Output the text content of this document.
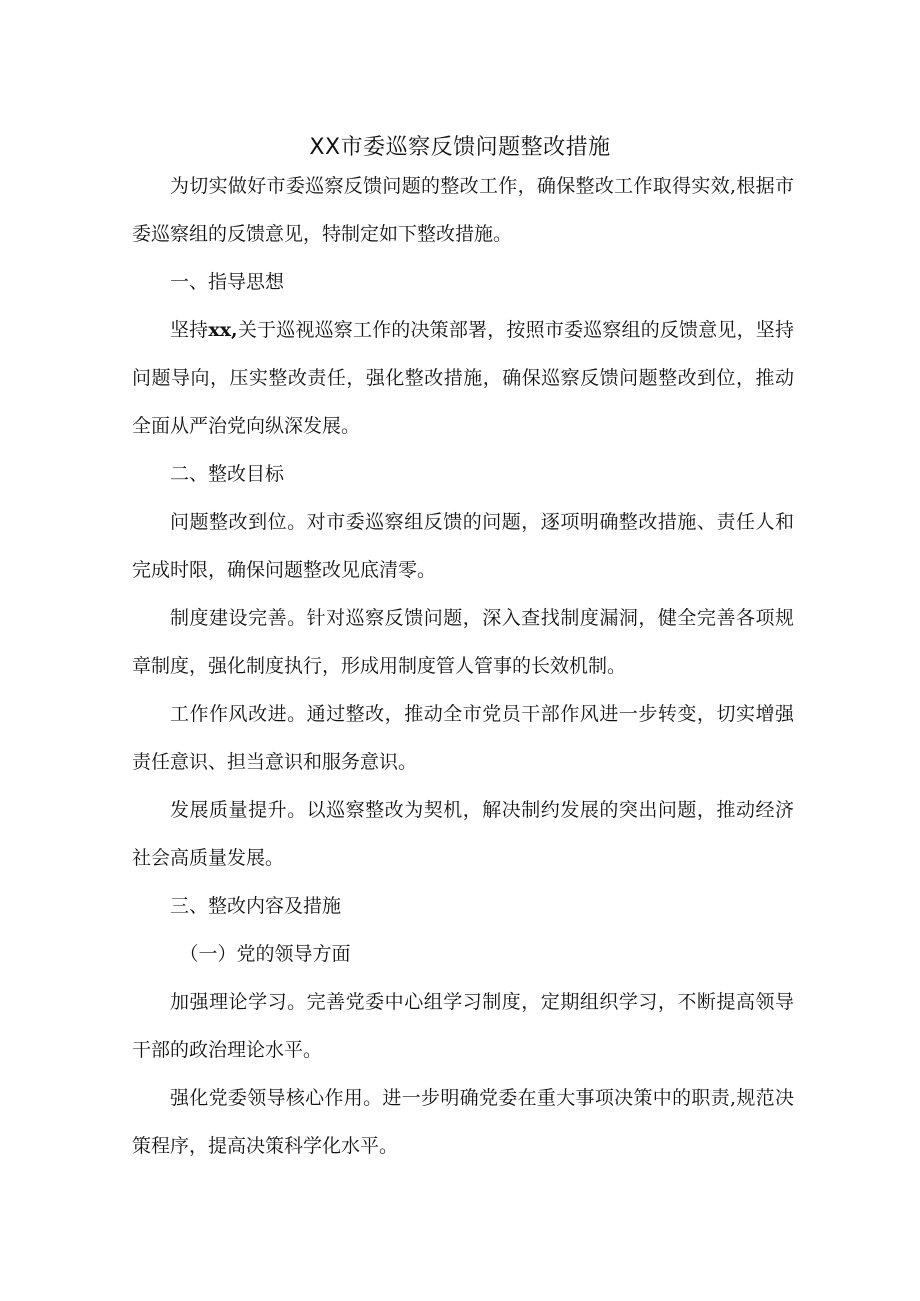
XX市委巡察反馈问题整改措施

为切实做好市委巡察反馈问题的整改工作，确保整改工作取得实效,根据市委巡察组的反馈意见，特制定如下整改措施。

一、指导思想

坚持xx,关于巡视巡察工作的决策部署，按照市委巡察组的反馈意见，坚持问题导向，压实整改责任，强化整改措施，确保巡察反馈问题整改到位，推动全面从严治党向纵深发展。

二、整改目标

问题整改到位。对市委巡察组反馈的问题，逐项明确整改措施、责任人和完成时限，确保问题整改见底清零。

制度建设完善。针对巡察反馈问题，深入查找制度漏洞，健全完善各项规章制度，强化制度执行，形成用制度管人管事的长效机制。

工作作风改进。通过整改，推动全市党员干部作风进一步转变，切实增强责任意识、担当意识和服务意识。

发展质量提升。以巡察整改为契机，解决制约发展的突出问题，推动经济社会高质量发展。

三、整改内容及措施

（一）党的领导方面

加强理论学习。完善党委中心组学习制度，定期组织学习，不断提高领导干部的政治理论水平。

强化党委领导核心作用。进一步明确党委在重大事项决策中的职责,规范决策程序，提高决策科学化水平。
